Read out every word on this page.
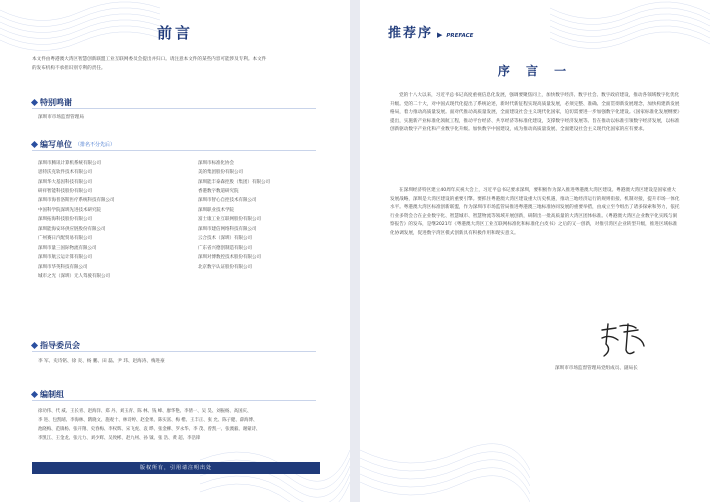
前言
本文件由粤港澳大湾区智慧创新联盟工业互联网委员会提出并归口。请注意本文件的某些内容可能涉及专利。本文件
的发布机构不承担识别专利的责任。
特别鸣谢
深圳市市场监督管理局
编写单位 （排名不分先后）
深圳市腾讯计算机系统有限公司	深圳市标准化协会
思特沃克软件技术有限公司	美的集团股份有限公司
深圳华大基因科技有限公司	深圳能丰泰森控股（集团）有限公司
研祥智能科技股份有限公司	香港数字数道研究院
深圳市海普洛斯医疗系统科技有限公司	深圳市智心自控技术有限公司
中国科学院深圳先进技术研究院	深圳职业技术学院
深圳拓海科技股份有限公司	富士康工业互联网股份有限公司
深圳能海安环供应链股份有限公司	深圳市建信网络科技有限公司
广州赛日汽配贸易有限公司	云合技术（深圳）有限公司
深圳市量三国际物流有限公司	广东省兴德创制造有限公司
深圳市航云运计算有限公司	深圳对博数控技术股份有限公司
深圳市华英科技有限公司	北京数字认证股份有限公司
城市之光（深圳）无人驾驶有限公司
指导委员会
李 军、史诗铭、徐 炎、杨 鹏、田 磊、尹 玮、赵海涛、梅进豪
编制组
徐功伟、代 威、王长青、赵海洋、郑 丹、刘玉青、陈 林、钱 峰、廖华艳、李倩一、吴 昊、刘振杨、高国庆、
李 进、包凯晴、李海林、隋晓文、施观十、林诗婷、赵金果、陈实富、梅 楷、王丰正、张 允、陈子健、薛海博、
池晓梅、范镇杨、张开翔、史春梅、李权辉、宋飞虎、袁 晔、张金柳、罗永华、李 茂、曾凯一、张澳毅、谢蒙诗、
李凯江、王金龙、张元力、刘少辉、吴致彬、赵九州、孙 钺、张 浩、黄 超、李浩锋
版权所有，引用请注明出处
推荐序 ▶ PREFACE
序 言 一
党的十八大以来，习近平总书记高度重视信息化发展，强调要聚焦同上，加快数字经济、数字社会、数字政府建设，推动各领域数字化优化升级。党的二十大，对中国式现代化提出了系统论述，新时代新征程实现高质量发展，必须完整、准确、全面贯彻新发展理念，加快构建新发展格局，着力推动高质量发展。面对代推动高质量发展，全面建设社会主义现代化国家，迫切需要进一步加强数字化建设。《国家标准化发展纲要》提出，实施新产业标准化领航工程，推动平台经济、共享经济等标准化建设，支撑数字经济发展等。旨在推动以标准引领数字经济发展，以标准创新驱动数字产业化和产业数字化升级。加快数字中国建设，成为推动高质量发展、全面建设社会主义现代化国家的应有要求。
在深圳经济特区建立40周年庆祝大会上，习近平总书记要求深圳，要积极作为深入推进粤港澳大湾区建设。粤港澳大湾区建设是国家重大发展战略，深圳是大湾区建设的重要引擎。要抓住粤港澳大湾区建设重大历史机遇，推动三地经济运行的规则衔接、机制对接，提升市场一体化水平。粤港澳大湾区标准创新联盟，作为深圳市市场监管局推进粤港澳三地标准协同发展的重要举措，由成立至今组出了诸多探索和努力，依托行业多资会合在企业数字化、智慧城市、智慧物流等领域开展创新，研制出一批高质量的大湾区团体标准。《粤港澳大湾区企业数字化实践与洞察报告》的发布，是继2021年《粤港澳大湾区工业互联网标准化和标准化白皮书》之后的又一创新，对推引湾区企业转型升级，推进区域标准化协调发展，促进数字湾区模式创新具有积极作用和现实意义。
深圳市市场监督管理局党组成员、副局长
